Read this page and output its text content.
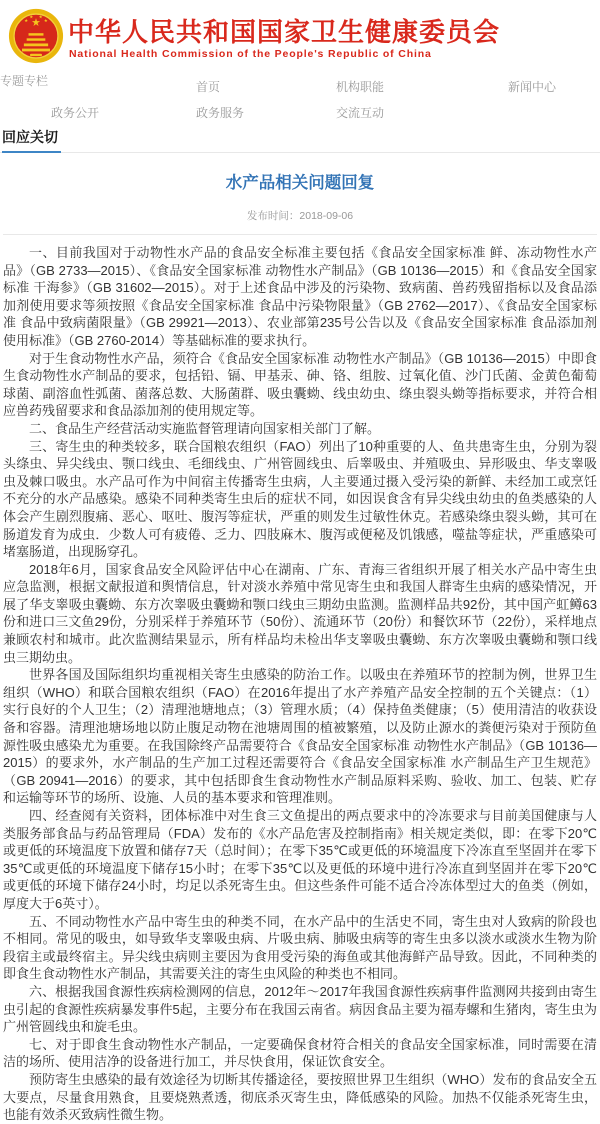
中华人民共和国国家卫生健康委员会
National Health Commission of the People's Republic of China
首页	机构职能	新闻中心
政务公开	政务服务	交流互动
专题专栏
回应关切
水产品相关问题回复
发布时间：2018-09-06

一、目前我国对于动物性水产品的食品安全标准主要包括《食品安全国家标准 鲜、冻动物性水产品》（GB 2733—2015）、《食品安全国家标准 动物性水产制品》（GB 10136—2015）和《食品安全国家标准 干海参》（GB 31602—2015）。对于上述食品中涉及的污染物、致病菌、兽药残留指标以及食品添加剂使用要求等须按照《食品安全国家标准 食品中污染物限量》（GB 2762—2017）、《食品安全国家标准 食品中致病菌限量》（GB 29921—2013）、农业部第235号公告以及《食品安全国家标准 食品添加剂使用标准》（GB 2760-2014）等基础标准的要求执行。

对于生食动物性水产品，须符合《食品安全国家标准 动物性水产制品》（GB 10136—2015）中即食生食动物性水产制品的要求，包括铅、镉、甲基汞、砷、铬、组胺、过氧化值、沙门氏菌、金黄色葡萄球菌、副溶血性弧菌、菌落总数、大肠菌群、吸虫囊蚴、线虫幼虫、绦虫裂头蚴等指标要求，并符合相应兽药残留要求和食品添加剂的使用规定等。

二、食品生产经营活动实施监督管理请向国家相关部门了解。

三、寄生虫的种类较多，联合国粮农组织（FAO）列出了10种重要的人、鱼共患寄生虫，分别为裂头绦虫、异尖线虫、颚口线虫、毛细线虫、广州管圆线虫、后睾吸虫、并殖吸虫、异形吸虫、华支睾吸虫及棘口吸虫。水产品可作为中间宿主传播寄生虫病，人主要通过摄入受污染的新鲜、未经加工或烹饪不充分的水产品感染。感染不同种类寄生虫后的症状不同，如因误食含有异尖线虫幼虫的鱼类感染的人体会产生剧烈腹痛、恶心、呕吐、腹泻等症状，严重的则发生过敏性休克。若感染绦虫裂头蚴，其可在肠道发育为成虫．少数人可有疲倦、乏力、四肢麻木、腹泻或便秘及饥饿感，噬盐等症状，严重感染可堵塞肠道，出现肠穿孔。

2018年6月，国家食品安全风险评估中心在湖南、广东、青海三省组织开展了相关水产品中寄生虫应急监测，根据文献报道和舆情信息，针对淡水养殖中常见寄生虫和我国人群寄生虫病的感染情况，开展了华支睾吸虫囊蚴、东方次睾吸虫囊蚴和颚口线虫三期幼虫监测。监测样品共92份，其中国产虹鳟63份和进口三文鱼29份，分别采样于养殖环节（50份）、流通环节（20份）和餐饮环节（22份），采样地点兼顾农村和城市。此次监测结果显示，所有样品均未检出华支睾吸虫囊蚴、东方次睾吸虫囊蚴和颚口线虫三期幼虫。

世界各国及国际组织均重视相关寄生虫感染的防治工作。以吸虫在养殖环节的控制为例，世界卫生组织（WHO）和联合国粮农组织（FAO）在2016年提出了水产养殖产品安全控制的五个关键点：（1）实行良好的个人卫生；（2）清理池塘地点；（3）管理水质；（4）保持鱼类健康；（5）使用清洁的收获设备和容器。清理池塘场地以防止腹足动物在池塘周围的植被繁殖，以及防止源水的粪便污染对于预防鱼源性吸虫感染尤为重要。在我国除终产品需要符合《食品安全国家标准 动物性水产制品》（GB 10136—2015）的要求外，水产制品的生产加工过程还需要符合《食品安全国家标准 水产制品生产卫生规范》（GB 20941—2016）的要求，其中包括即食生食动物性水产制品原料采购、验收、加工、包装、贮存和运输等环节的场所、设施、人员的基本要求和管理准则。

四、经查阅有关资料，团体标准中对生食三文鱼提出的两点要求中的冷冻要求与目前美国健康与人类服务部食品与药品管理局（FDA）发布的《水产品危害及控制指南》相关规定类似，即：在零下20℃或更低的环境温度下放置和储存7天（总时间）；在零下35℃或更低的环境温度下冷冻直至坚固并在零下35℃或更低的环境温度下储存15小时；在零下35℃以及更低的环境中进行冷冻直到坚固并在零下20℃或更低的环境下储存24小时，均足以杀死寄生虫。但这些条件可能不适合冷冻体型过大的鱼类（例如，厚度大于6英寸）。

五、不同动物性水产品中寄生虫的种类不同，在水产品中的生活史不同，寄生虫对人致病的阶段也不相同。常见的吸虫，如导致华支睾吸虫病、片吸虫病、肺吸虫病等的寄生虫多以淡水或淡水生物为阶段宿主或最终宿主。异尖线虫病则主要因为食用受污染的海鱼或其他海鲜产品导致。因此，不同种类的即食生食动物性水产制品，其需要关注的寄生虫风险的种类也不相同。

六、根据我国食源性疾病检测网的信息，2012年～2017年我国食源性疾病事件监测网共接到由寄生虫引起的食源性疾病暴发事件5起，主要分布在我国云南省。病因食品主要为福寿螺和生猪肉，寄生虫为广州管圆线虫和旋毛虫。

七、对于即食生食动物性水产制品，一定要确保食材符合相关的食品安全国家标准，同时需要在清洁的场所、使用洁净的设备进行加工，并尽快食用，保证饮食安全。

预防寄生虫感染的最有效途径为切断其传播途径，要按照世界卫生组织（WHO）发布的食品安全五大要点，尽量食用熟食，且要烧熟煮透，彻底杀灭寄生虫，降低感染的风险。加热不仅能杀死寄生虫，也能有效杀灭致病性微生物。
